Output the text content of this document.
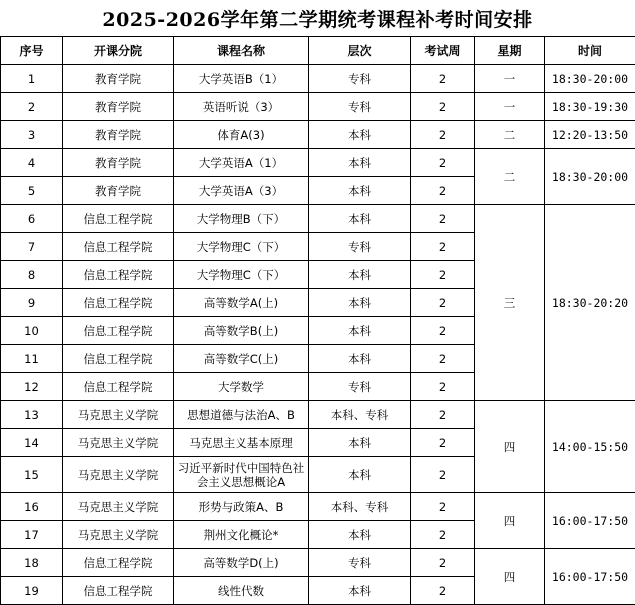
2025-2026学年第二学期统考课程补考时间安排
序号	开课分院	课程名称	层次	考试周	星期	时间
1	教育学院	大学英语B（1）	专科	2	一	18:30-20:00
2	教育学院	英语听说（3）	专科	2	一	18:30-19:30
3	教育学院	体育A(3)	本科	2	二	12:20-13:50
4	教育学院	大学英语A（1）	本科	2	二	18:30-20:00
5	教育学院	大学英语A（3）	本科	2		
6	信息工程学院	大学物理B（下）	本科	2	三	18:30-20:20
7	信息工程学院	大学物理C（下）	专科	2		
8	信息工程学院	大学物理C（下）	本科	2		
9	信息工程学院	高等数学A(上)	本科	2		
10	信息工程学院	高等数学B(上)	本科	2		
11	信息工程学院	高等数学C(上)	本科	2		
12	信息工程学院	大学数学	专科	2		
13	马克思主义学院	思想道德与法治A、B	本科、专科	2	四	14:00-15:50
14	马克思主义学院	马克思主义基本原理	本科	2		
15	马克思主义学院	习近平新时代中国特色社会主义思想概论A	本科	2		
16	马克思主义学院	形势与政策A、B	本科、专科	2	四	16:00-17:50
17	马克思主义学院	荆州文化概论*	本科	2		
18	信息工程学院	高等数学D(上)	专科	2	四	16:00-17:50
19	信息工程学院	线性代数	本科	2		
